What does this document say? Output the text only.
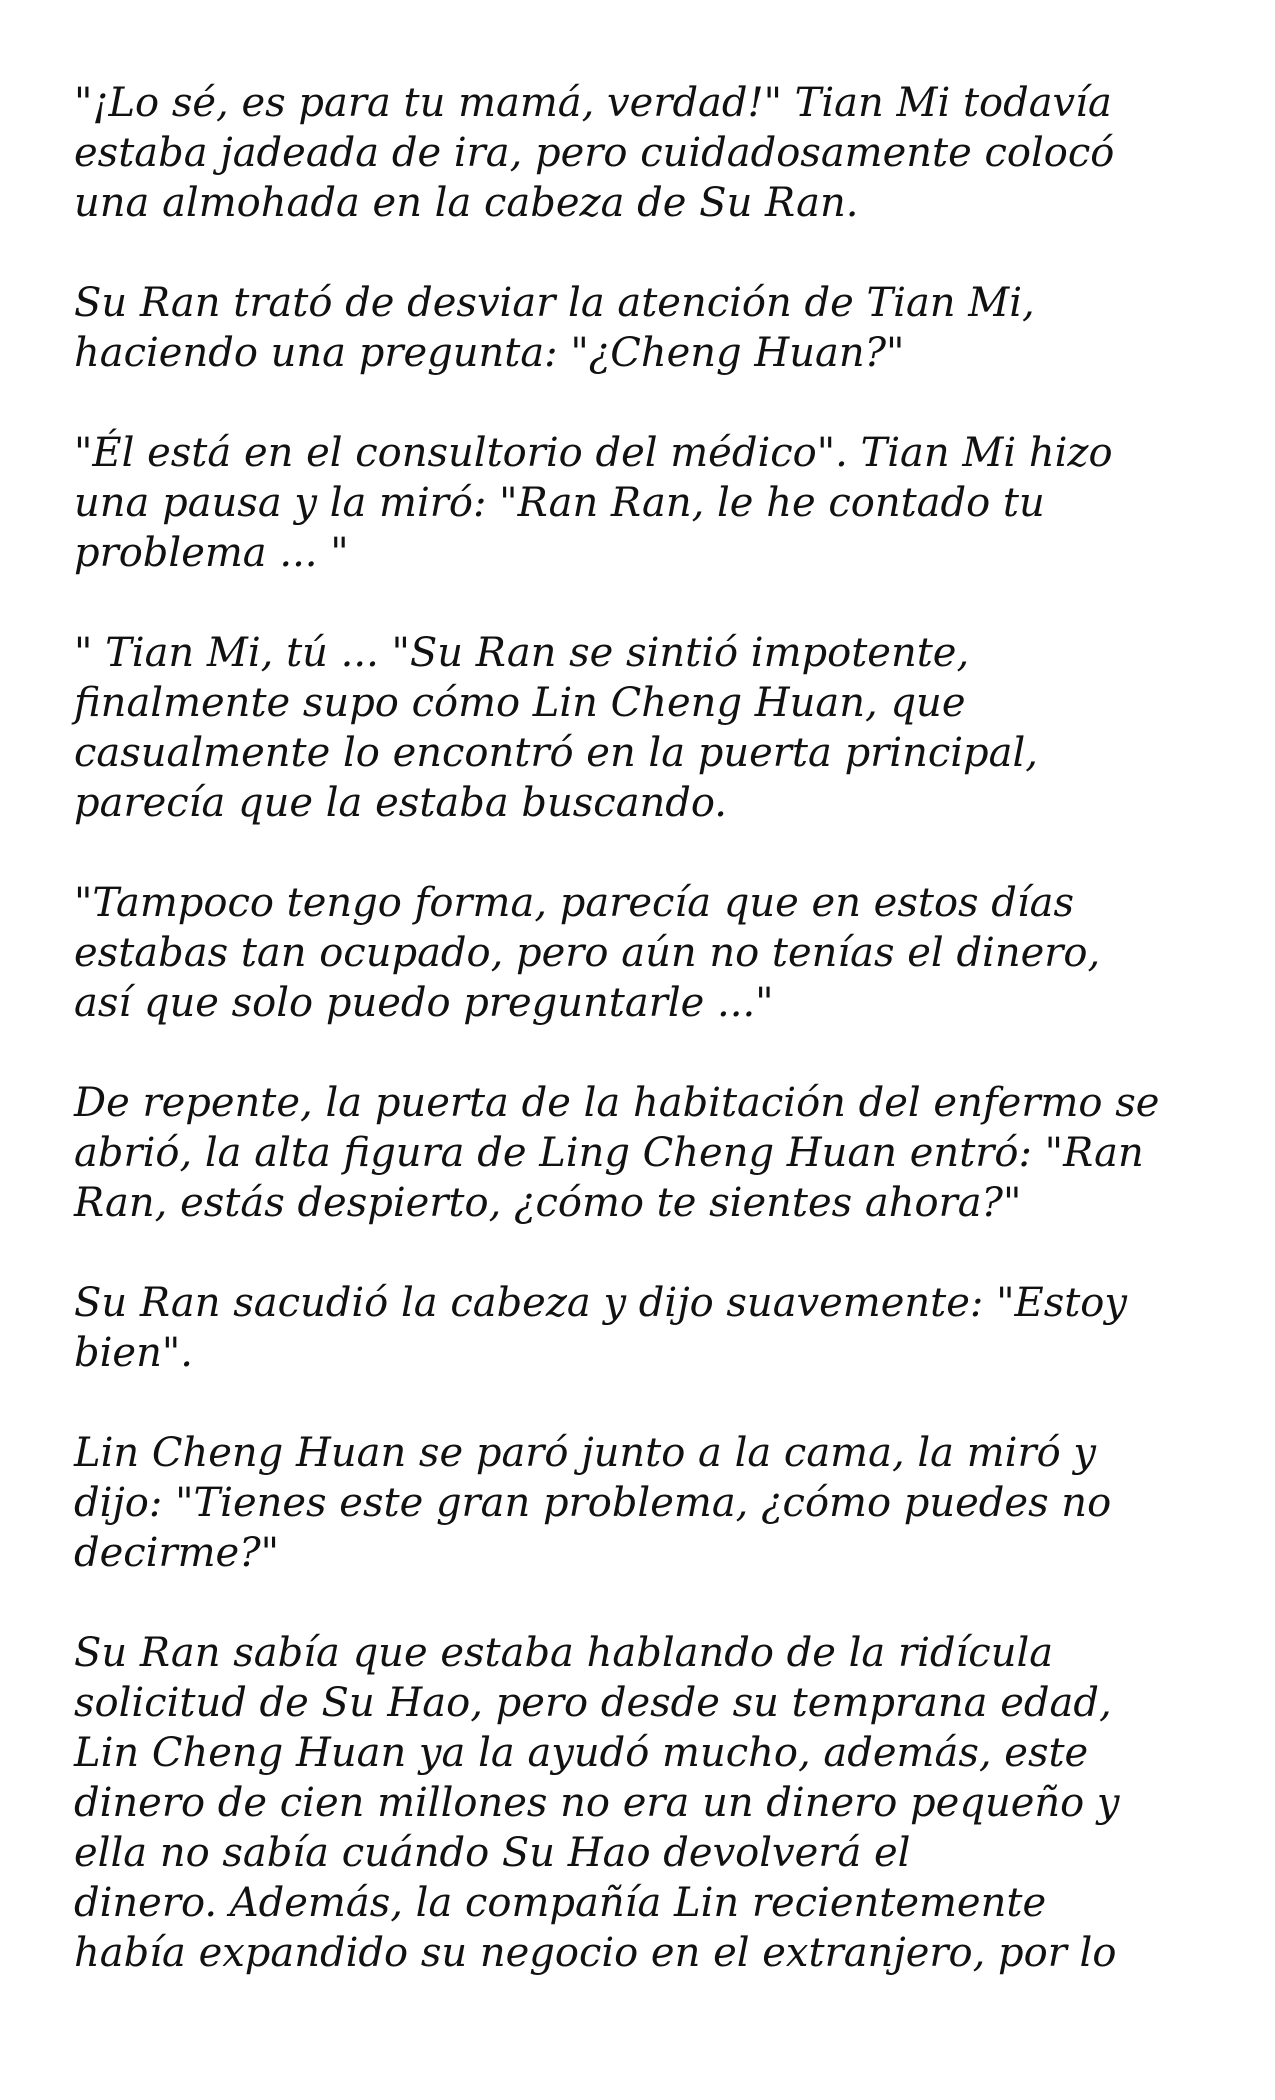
"¡Lo sé, es para tu mamá, verdad!" Tian Mi todavía
estaba jadeada de ira, pero cuidadosamente colocó
una almohada en la cabeza de Su Ran.

Su Ran trató de desviar la atención de Tian Mi,
haciendo una pregunta: "¿Cheng Huan?"

"Él está en el consultorio del médico". Tian Mi hizo
una pausa y la miró: "Ran Ran, le he contado tu
problema ... "

" Tian Mi, tú ... "Su Ran se sintió impotente,
finalmente supo cómo Lin Cheng Huan, que
casualmente lo encontró en la puerta principal,
parecía que la estaba buscando.

"Tampoco tengo forma, parecía que en estos días
estabas tan ocupado, pero aún no tenías el dinero,
así que solo puedo preguntarle ..."

De repente, la puerta de la habitación del enfermo se
abrió, la alta figura de Ling Cheng Huan entró: "Ran
Ran, estás despierto, ¿cómo te sientes ahora?"

Su Ran sacudió la cabeza y dijo suavemente: "Estoy
bien".

Lin Cheng Huan se paró junto a la cama, la miró y
dijo: "Tienes este gran problema, ¿cómo puedes no
decirme?"

Su Ran sabía que estaba hablando de la ridícula
solicitud de Su Hao, pero desde su temprana edad,
Lin Cheng Huan ya la ayudó mucho, además, este
dinero de cien millones no era un dinero pequeño y
ella no sabía cuándo Su Hao devolverá el
dinero. Además, la compañía Lin recientemente
había expandido su negocio en el extranjero, por lo
